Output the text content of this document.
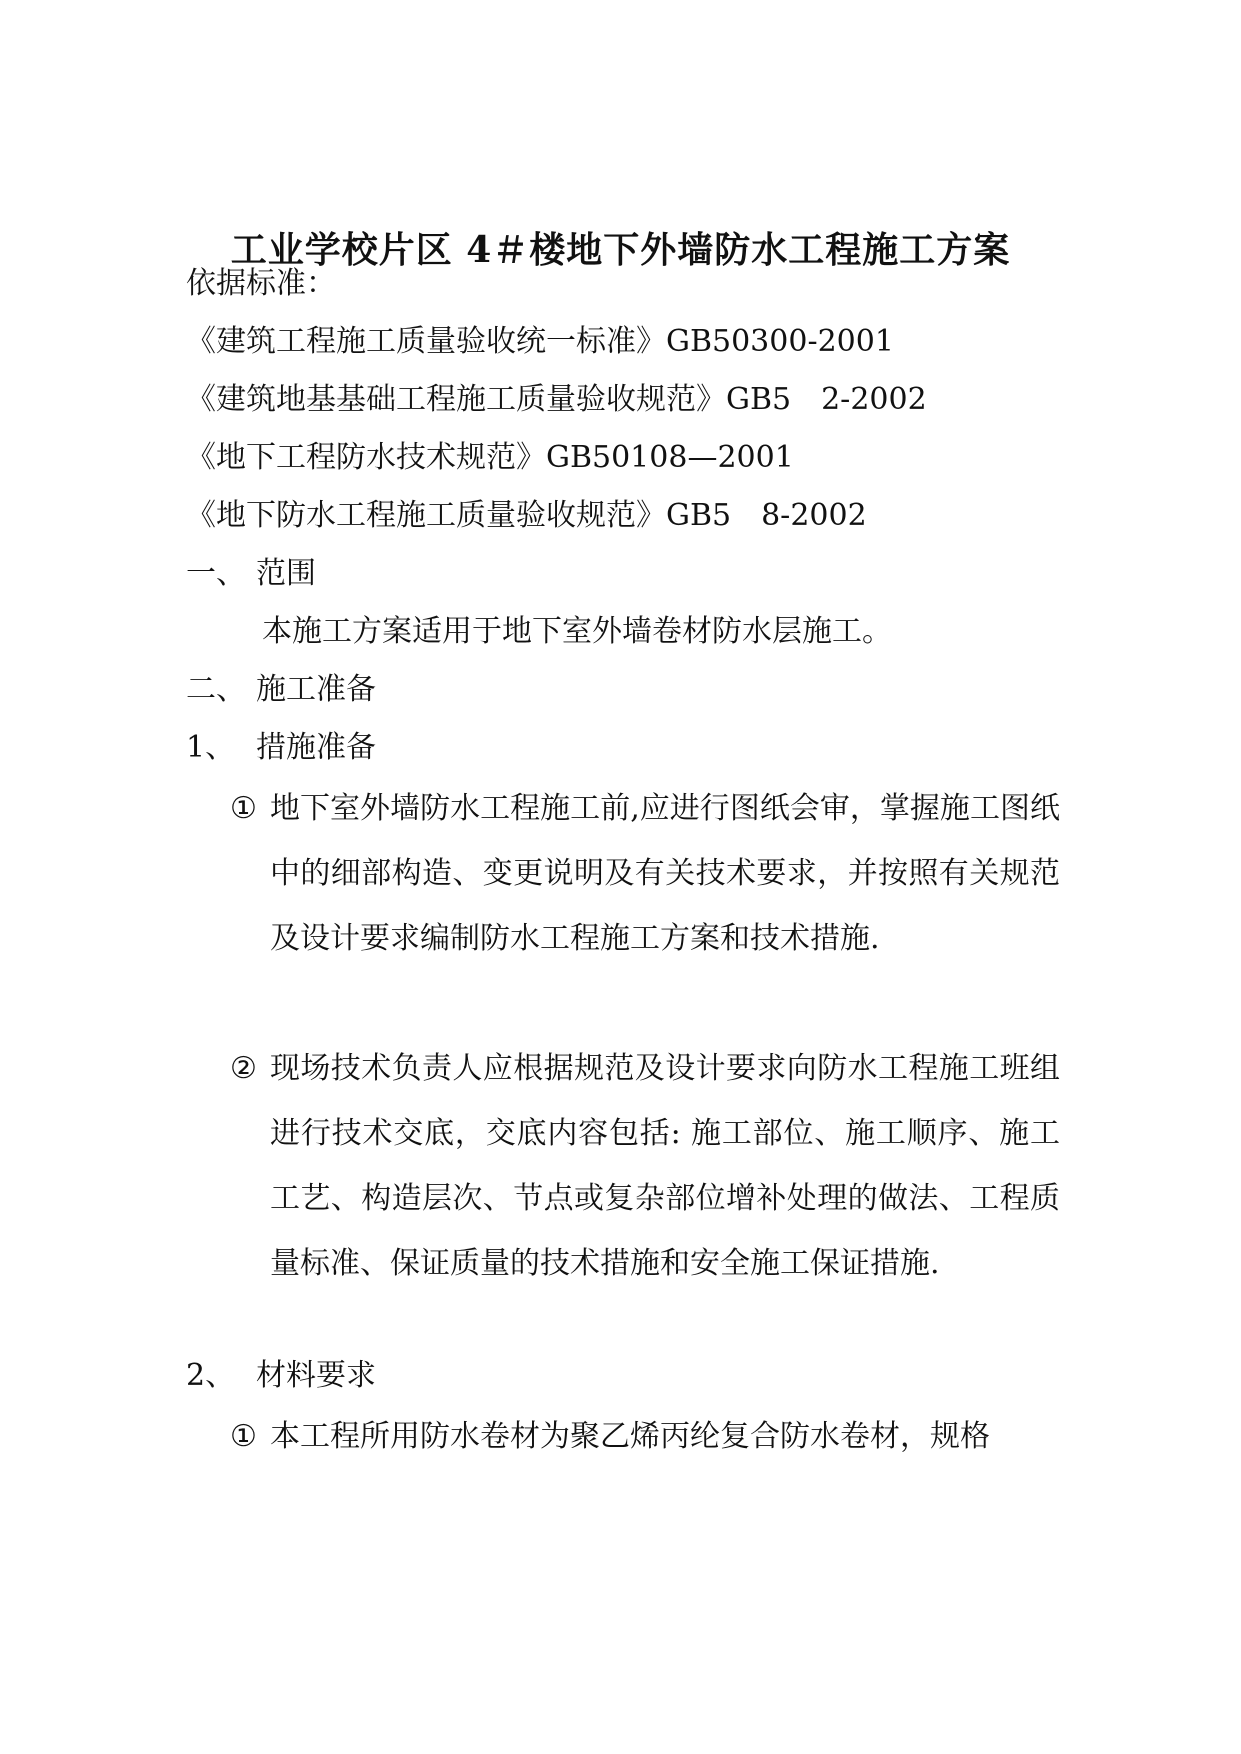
工业学校片区 4＃楼地下外墙防水工程施工方案
依据标准：
《建筑工程施工质量验收统一标准》GB50300-2001
《建筑地基基础工程施工质量验收规范》GB5　2-2002
《地下工程防水技术规范》GB50108—2001
《地下防水工程施工质量验收规范》GB5　8-2002
一、 范围
本施工方案适用于地下室外墙卷材防水层施工。
二、 施工准备
1、 措施准备
① 地下室外墙防水工程施工前,应进行图纸会审，掌握施工图纸中的细部构造、变更说明及有关技术要求，并按照有关规范及设计要求编制防水工程施工方案和技术措施.
② 现场技术负责人应根据规范及设计要求向防水工程施工班组进行技术交底，交底内容包括: 施工部位、施工顺序、施工工艺、构造层次、节点或复杂部位增补处理的做法、工程质量标准、保证质量的技术措施和安全施工保证措施.
2、 材料要求
① 本工程所用防水卷材为聚乙烯丙纶复合防水卷材，规格
